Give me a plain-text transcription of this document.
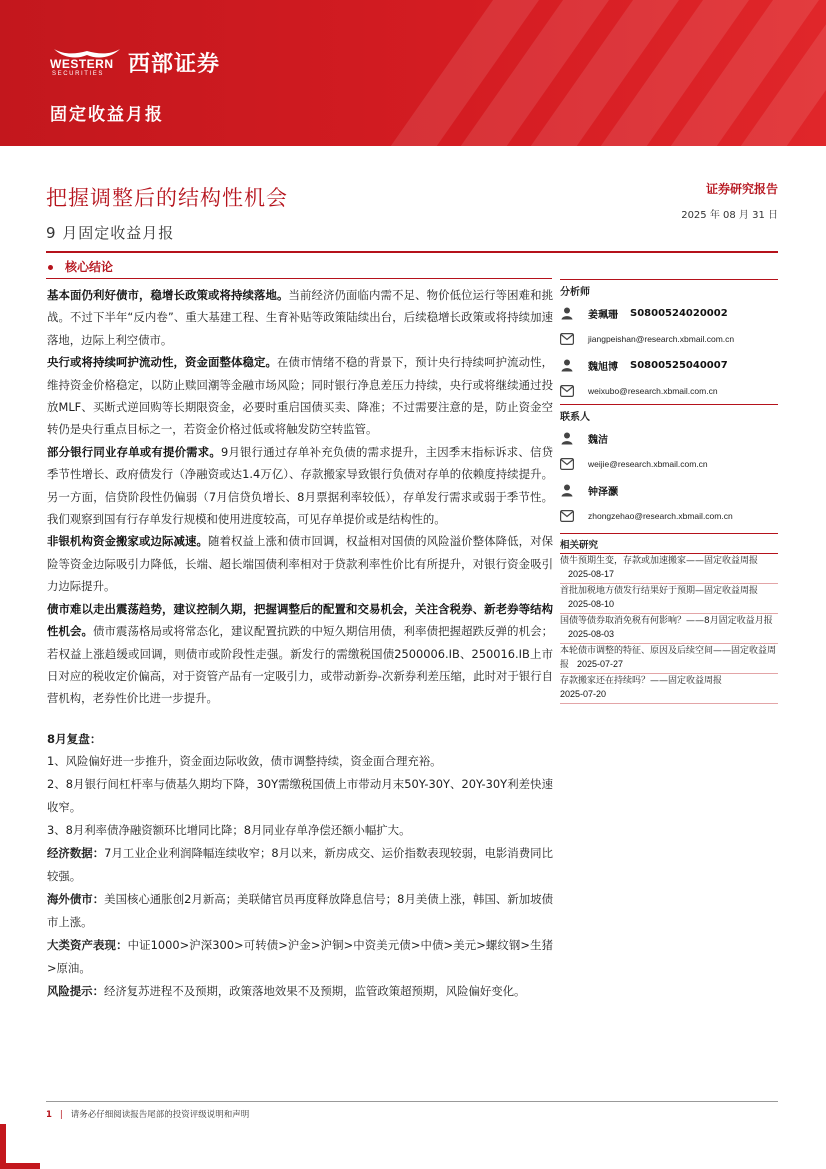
WESTERN
SECURITIES 西部证券
固定收益月报
证券研究报告
2025 年 08 月 31 日
把握调整后的结构性机会
9 月固定收益月报
核心结论

基本面仍利好债市，稳增长政策或将持续落地。当前经济仍面临内需不足、物价低位运行等困难和挑战。不过下半年“反内卷”、重大基建工程、生育补贴等政策陆续出台，后续稳增长政策或将持续加速落地，边际上利空债市。

央行或将持续呵护流动性，资金面整体稳定。在债市情绪不稳的背景下，预计央行持续呵护流动性，维持资金价格稳定，以防止赎回潮等金融市场风险；同时银行净息差压力持续，央行或将继续通过投放MLF、买断式逆回购等长期限资金，必要时重启国债买卖、降准；不过需要注意的是，防止资金空转仍是央行重点目标之一，若资金价格过低或将触发防空转监管。

部分银行同业存单或有提价需求。9月银行通过存单补充负债的需求提升，主因季末指标诉求、信贷季节性增长、政府债发行（净融资或达1.4万亿）、存款搬家导致银行负债对存单的依赖度持续提升。另一方面，信贷阶段性仍偏弱（7月信贷负增长、8月票据利率较低），存单发行需求或弱于季节性。我们观察到国有行存单发行规模和使用进度较高，可见存单提价或是结构性的。

非银机构资金搬家或边际减速。随着权益上涨和债市回调，权益相对国债的风险溢价整体降低，对保险等资金边际吸引力降低，长端、超长端国债利率相对于贷款利率性价比有所提升，对银行资金吸引力边际提升。

债市难以走出震荡趋势，建议控制久期，把握调整后的配置和交易机会，关注含税券、新老券等结构性机会。债市震荡格局或将常态化，建议配置抗跌的中短久期信用债，利率债把握超跌反弹的机会；若权益上涨趋缓或回调，则债市或阶段性走强。新发行的需缴税国债2500006.IB、250016.IB上市日对应的税收定价偏高，对于资管产品有一定吸引力，或带动新券-次新券利差压缩，此时对于银行自营机构，老券性价比进一步提升。

8月复盘：

1、风险偏好进一步推升，资金面边际收敛，债市调整持续，资金面合理充裕。

2、8月银行间杠杆率与债基久期均下降，30Y需缴税国债上市带动月末50Y-30Y、20Y-30Y利差快速收窄。

3、8月利率债净融资额环比增同比降；8月同业存单净偿还额小幅扩大。

经济数据：7月工业企业利润降幅连续收窄；8月以来，新房成交、运价指数表现较弱，电影消费同比较强。

海外债市：美国核心通胀创2月新高；美联储官员再度释放降息信号；8月美债上涨，韩国、新加坡债市上涨。

大类资产表现：中证1000>沪深300>可转债>沪金>沪铜>中资美元债>中债>美元>螺纹钢>生猪>原油。

风险提示：经济复苏进程不及预期，政策落地效果不及预期，监管政策超预期，风险偏好变化。

分析师
姜珮珊 S0800524020002
jiangpeishan@research.xbmail.com.cn
魏旭博 S0800525040007
weixubo@research.xbmail.com.cn
联系人
魏洁
weijie@research.xbmail.com.cn
钟泽灏
zhongzehao@research.xbmail.com.cn
相关研究
债牛预期生变，存款或加速搬家——固定收益周报2025-08-17
首批加税地方债发行结果好于预期—固定收益周报2025-08-10
国债等债券取消免税有何影响？——8月固定收益月报2025-08-03
本轮债市调整的特征、原因及后续空间——固定收益周报 2025-07-27
存款搬家还在持续吗？——固定收益周报
2025-07-20
1 | 请务必仔细阅读报告尾部的投资评级说明和声明
